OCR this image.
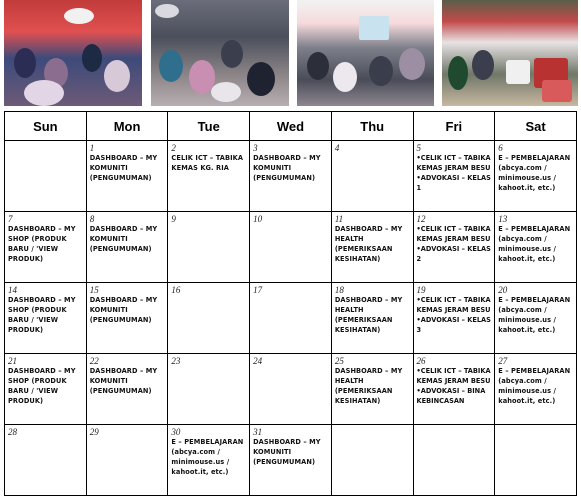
Sun	Mon	Tue	Wed	Thu	Fri	Sat

	1
DASHBOARD – MY
KOMUNITI
(PENGUMUMAN)	2
CELIK ICT – TABIKA
KEMAS KG. RIA	3
DASHBOARD – MY
KOMUNITI
(PENGUMUMAN)	4	5
• CELIK ICT – TABIKA KEMAS JERAM BESU
• ADVOKASI – KELAS 1	6
E – PEMBELAJARAN
(abcya.com /
minimouse.us /
kahoot.it, etc.)

7
DASHBOARD – MY
SHOP (PRODUK
BARU / 'VIEW
PRODUK)	8
DASHBOARD – MY
KOMUNITI
(PENGUMUMAN)	9	10	11
DASHBOARD – MY
HEALTH
(PEMERIKSAAN
KESIHATAN)	12
• CELIK ICT – TABIKA KEMAS JERAM BESU
• ADVOKASI – KELAS 2	13
E – PEMBELAJARAN
(abcya.com /
minimouse.us /
kahoot.it, etc.)

14
DASHBOARD – MY
SHOP (PRODUK
BARU / 'VIEW
PRODUK)	15
DASHBOARD – MY
KOMUNITI
(PENGUMUMAN)	16	17	18
DASHBOARD – MY
HEALTH
(PEMERIKSAAN
KESIHATAN)	19
• CELIK ICT – TABIKA KEMAS JERAM BESU
• ADVOKASI – KELAS 3	20
E – PEMBELAJARAN
(abcya.com /
minimouse.us /
kahoot.it, etc.)

21
DASHBOARD – MY
SHOP (PRODUK
BARU / 'VIEW
PRODUK)	22
DASHBOARD – MY
KOMUNITI
(PENGUMUMAN)	23	24	25
DASHBOARD – MY
HEALTH
(PEMERIKSAAN
KESIHATAN)	26
• CELIK ICT – TABIKA KEMAS JERAM BESU
• ADVOKASI – BINA KEBINCASAN	27
E – PEMBELAJARAN
(abcya.com /
minimouse.us /
kahoot.it, etc.)

28	29	30
E – PEMBELAJARAN
(abcya.com /
minimouse.us /
kahoot.it, etc.)	31
DASHBOARD – MY
KOMUNITI
(PENGUMUMAN)			
